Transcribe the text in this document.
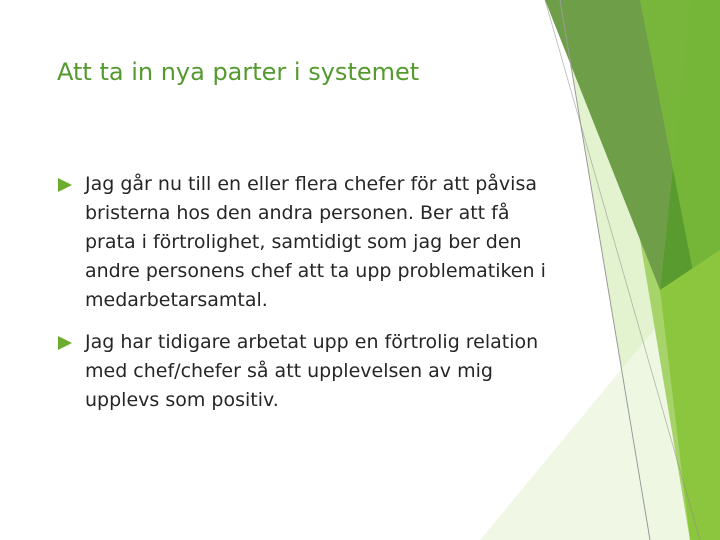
Att ta in nya parter i systemet
Jag går nu till en eller flera chefer för att påvisa bristerna hos den andra personen. Ber att få prata i förtrolighet, samtidigt som jag ber den andre personens chef att ta upp problematiken i medarbetarsamtal.
Jag har tidigare arbetat upp en förtrolig relation med chef/chefer så att upplevelsen av mig upplevs som positiv.
